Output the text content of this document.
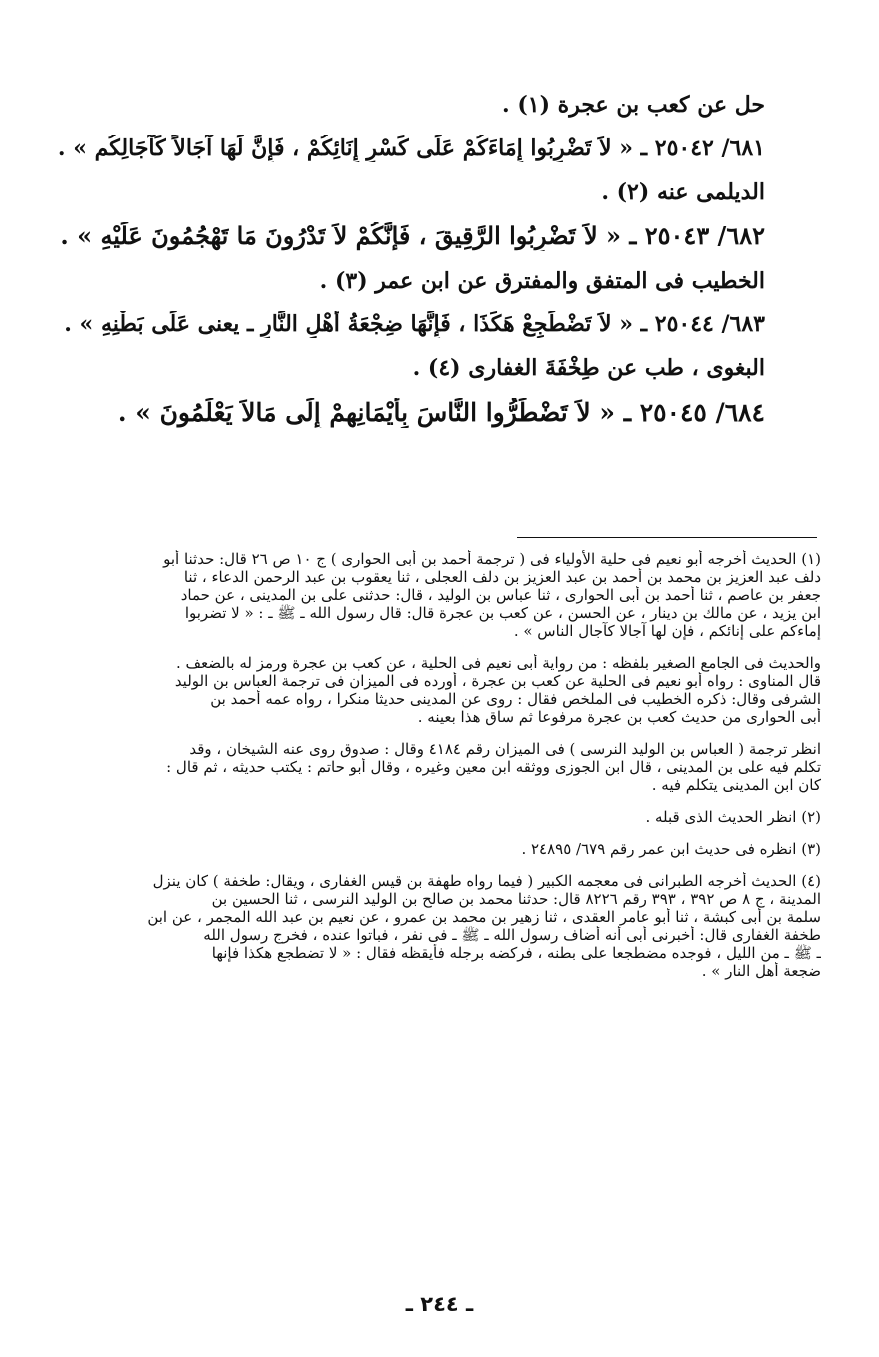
حل عن كعب بن عجرة (١) .
٦٨١/ ٢٥٠٤٢ ـ « لاَ تَضْرِبُوا إِمَاءَكُمْ عَلَى كَسْرِ إِنَائِكُمْ ، فَإِنَّ لَهَا آجَالاً كَآجَالِكُم » .
الديلمى عنه (٢) .
٦٨٢/ ٢٥٠٤٣ ـ « لاَ تَضْرِبُوا الرَّقِيقَ ، فَإِنَّكُمْ لاَ تَدْرُونَ مَا تَهْجُمُونَ عَلَيْهِ » .
الخطيب فى المتفق والمفترق عن ابن عمر (٣) .
٦٨٣/ ٢٥٠٤٤ ـ « لاَ تَضْطَجِعْ هَكَذَا ، فَإِنَّهَا ضِجْعَةُ أَهْلِ النَّارِ ـ يعنى عَلَى بَطْنِهِ » .
البغوى ، طب عن طِخْفَةَ الغفارى (٤) .
٦٨٤/ ٢٥٠٤٥ ـ « لاَ تَضْطَرُّوا النَّاسَ بِأَيْمَانِهِمْ إِلَى مَالاَ يَعْلَمُونَ » .
(١) الحديث أخرجه أبو نعيم فى حلية الأولياء فى ( ترجمة أحمد بن أبى الحوارى ) ج ١٠ ص ٢٦ قال: حدثنا أبو
دلف عبد العزيز بن محمد بن أحمد بن عبد العزيز بن دلف العجلى ، ثنا يعقوب بن عبد الرحمن الدعاء ، ثنا
جعفر بن عاصم ، ثنا أحمد بن أبى الحوارى ، ثنا عباس بن الوليد ، قال: حدثنى على بن المدينى ، عن حماد
ابن يزيد ، عن مالك بن دينار ، عن الحسن ، عن كعب بن عجرة قال: قال رسول الله ـ ﷺ ـ : « لا تضربوا
إماءكم على إنائكم ، فإن لها آجالا كآجال الناس » .
والحديث فى الجامع الصغير بلفظه : من رواية أبى نعيم فى الحلية ، عن كعب بن عجرة ورمز له بالضعف .
قال المناوى : رواه أبو نعيم فى الحلية عن كعب بن عجرة ، أورده فى الميزان فى ترجمة العباس بن الوليد
الشرفى وقال: ذكره الخطيب فى الملخص فقال : روى عن المدينى حديثا منكرا ، رواه عمه أحمد بن
أبى الحوارى من حديث كعب بن عجرة مرفوعا ثم ساق هذا بعينه .
انظر ترجمة ( العباس بن الوليد النرسى ) فى الميزان رقم ٤١٨٤ وقال : صدوق روى عنه الشيخان ، وقد
تكلم فيه على بن المدينى ، قال ابن الجوزى ووثقه ابن معين وغيره ، وقال أبو حاتم : يكتب حديثه ، ثم قال :
كان ابن المدينى يتكلم فيه .
(٢) انظر الحديث الذى قبله .
(٣) انظره فى حديث ابن عمر رقم ٦٧٩/ ٢٤٨٩٥ .
(٤) الحديث أخرجه الطبرانى فى معجمه الكبير ( فيما رواه طهفة بن قيس الغفارى ، ويقال: طخفة ) كان ينزل
المدينة ، ج ٨ ص ٣٩٢ ، ٣٩٣ رقم ٨٢٢٦ قال: حدثنا محمد بن صالح بن الوليد النرسى ، ثنا الحسين بن
سلمة بن أبى كبشة ، ثنا أبو عامر العقدى ، ثنا زهير بن محمد بن عمرو ، عن نعيم بن عبد الله المجمر ، عن ابن
طخفة الغفارى قال: أخبرنى أبى أنه أضاف رسول الله ـ ﷺ ـ فى نفر ، فباتوا عنده ، فخرج رسول الله
ـ ﷺ ـ من الليل ، فوجده مضطجعا على بطنه ، فركضه برجله فأيقظه فقال : « لا تضطجع هكذا فإنها
ضجعة أهل النار » .
ـ ٢٤٤ ـ
